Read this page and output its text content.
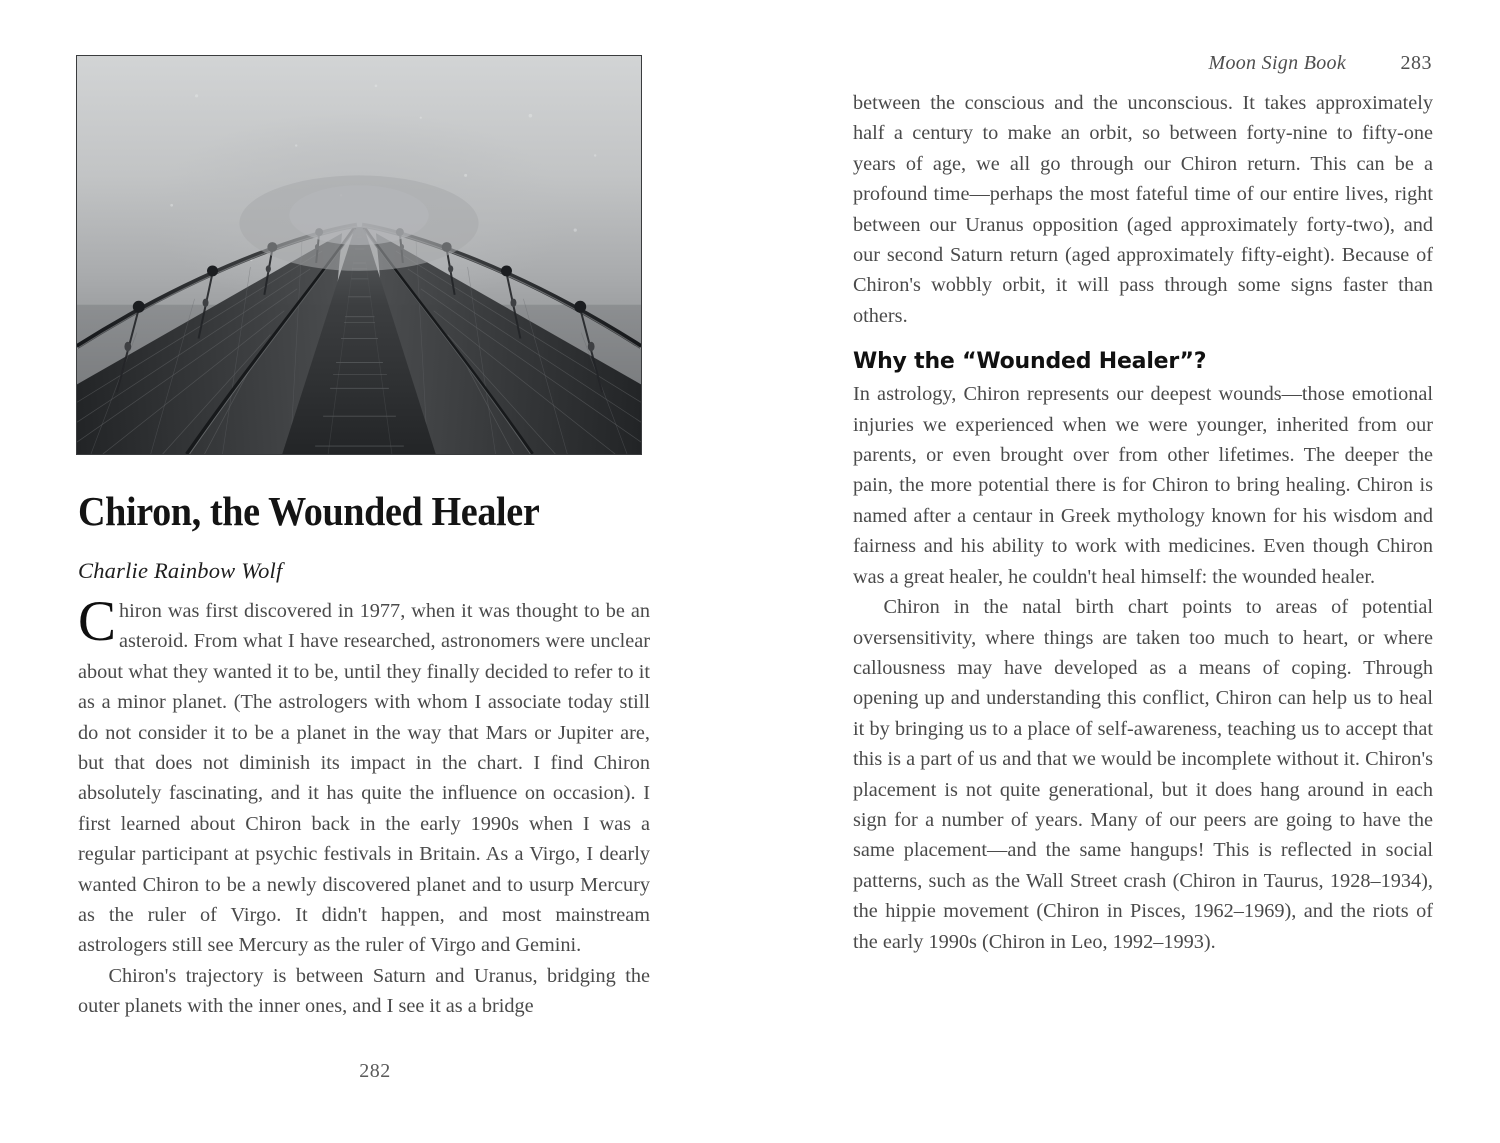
Chiron, the Wounded Healer
Charlie Rainbow Wolf

Chiron was first discovered in 1977, when it was thought to be an asteroid. From what I have researched, astronomers were unclear about what they wanted it to be, until they finally decided to refer to it as a minor planet. (The astrologers with whom I associate today still do not consider it to be a planet in the way that Mars or Jupiter are, but that does not diminish its impact in the chart. I find Chiron absolutely fascinating, and it has quite the influence on occasion). I first learned about Chiron back in the early 1990s when I was a regular participant at psychic festivals in Britain. As a Virgo, I dearly wanted Chiron to be a newly discovered planet and to usurp Mercury as the ruler of Virgo. It didn't happen, and most mainstream astrologers still see Mercury as the ruler of Virgo and Gemini.

Chiron's trajectory is between Saturn and Uranus, bridging the outer planets with the inner ones, and I see it as a bridge

282
Moon Sign Book	283

between the conscious and the unconscious. It takes approximately half a century to make an orbit, so between forty-nine to fifty-one years of age, we all go through our Chiron return. This can be a profound time—perhaps the most fateful time of our entire lives, right between our Uranus opposition (aged approximately forty-two), and our second Saturn return (aged approximately fifty-eight). Because of Chiron's wobbly orbit, it will pass through some signs faster than others.

Why the “Wounded Healer”?

In astrology, Chiron represents our deepest wounds—those emotional injuries we experienced when we were younger, inherited from our parents, or even brought over from other lifetimes. The deeper the pain, the more potential there is for Chiron to bring healing. Chiron is named after a centaur in Greek mythology known for his wisdom and fairness and his ability to work with medicines. Even though Chiron was a great healer, he couldn't heal himself: the wounded healer.

Chiron in the natal birth chart points to areas of potential oversensitivity, where things are taken too much to heart, or where callousness may have developed as a means of coping. Through opening up and understanding this conflict, Chiron can help us to heal it by bringing us to a place of self-awareness, teaching us to accept that this is a part of us and that we would be incomplete without it. Chiron's placement is not quite generational, but it does hang around in each sign for a number of years. Many of our peers are going to have the same placement—and the same hangups! This is reflected in social patterns, such as the Wall Street crash (Chiron in Taurus, 1928–1934), the hippie movement (Chiron in Pisces, 1962–1969), and the riots of the early 1990s (Chiron in Leo, 1992–1993).
